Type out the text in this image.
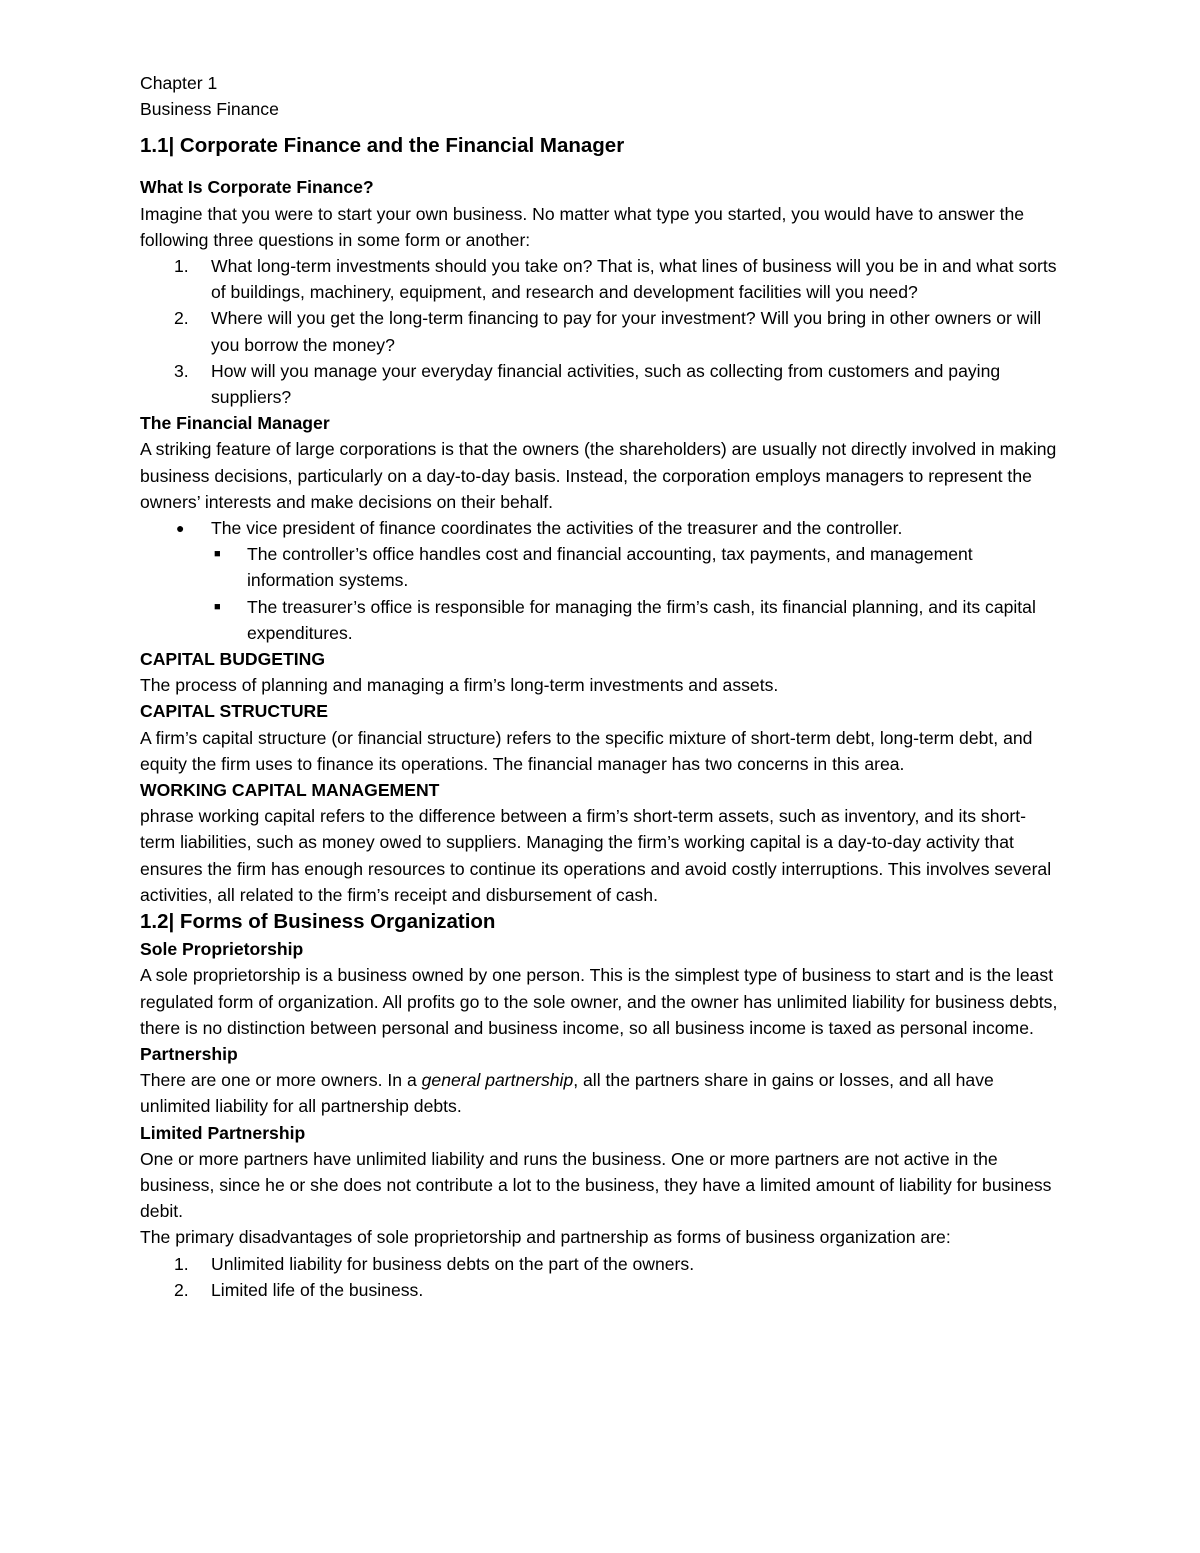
Chapter 1
Business Finance
1.1| Corporate Finance and the Financial Manager
What Is Corporate Finance?
Imagine that you were to start your own business. No matter what type you started, you would have to answer the following three questions in some form or another:
1. What long-term investments should you take on? That is, what lines of business will you be in and what sorts of buildings, machinery, equipment, and research and development facilities will you need?
2. Where will you get the long-term financing to pay for your investment? Will you bring in other owners or will you borrow the money?
3. How will you manage your everyday financial activities, such as collecting from customers and paying suppliers?
The Financial Manager
A striking feature of large corporations is that the owners (the shareholders) are usually not directly involved in making business decisions, particularly on a day-to-day basis. Instead, the corporation employs managers to represent the owners’ interests and make decisions on their behalf.
● The vice president of finance coordinates the activities of the treasurer and the controller.
■ The controller’s office handles cost and financial accounting, tax payments, and management information systems.
■ The treasurer’s office is responsible for managing the firm’s cash, its financial planning, and its capital expenditures.
CAPITAL BUDGETING
The process of planning and managing a firm’s long-term investments and assets.
CAPITAL STRUCTURE
A firm’s capital structure (or financial structure) refers to the specific mixture of short-term debt, long-term debt, and equity the firm uses to finance its operations. The financial manager has two concerns in this area.
WORKING CAPITAL MANAGEMENT
phrase working capital refers to the difference between a firm’s short-term assets, such as inventory, and its short-term liabilities, such as money owed to suppliers. Managing the firm’s working capital is a day-to-day activity that ensures the firm has enough resources to continue its operations and avoid costly interruptions. This involves several activities, all related to the firm’s receipt and disbursement of cash.
1.2| Forms of Business Organization
Sole Proprietorship
A sole proprietorship is a business owned by one person. This is the simplest type of business to start and is the least regulated form of organization. All profits go to the sole owner, and the owner has unlimited liability for business debts, there is no distinction between personal and business income, so all business income is taxed as personal income.
Partnership
There are one or more owners. In a general partnership, all the partners share in gains or losses, and all have unlimited liability for all partnership debts.
Limited Partnership
One or more partners have unlimited liability and runs the business. One or more partners are not active in the business, since he or she does not contribute a lot to the business, they have a limited amount of liability for business debit.
The primary disadvantages of sole proprietorship and partnership as forms of business organization are:
1. Unlimited liability for business debts on the part of the owners.
2. Limited life of the business.
